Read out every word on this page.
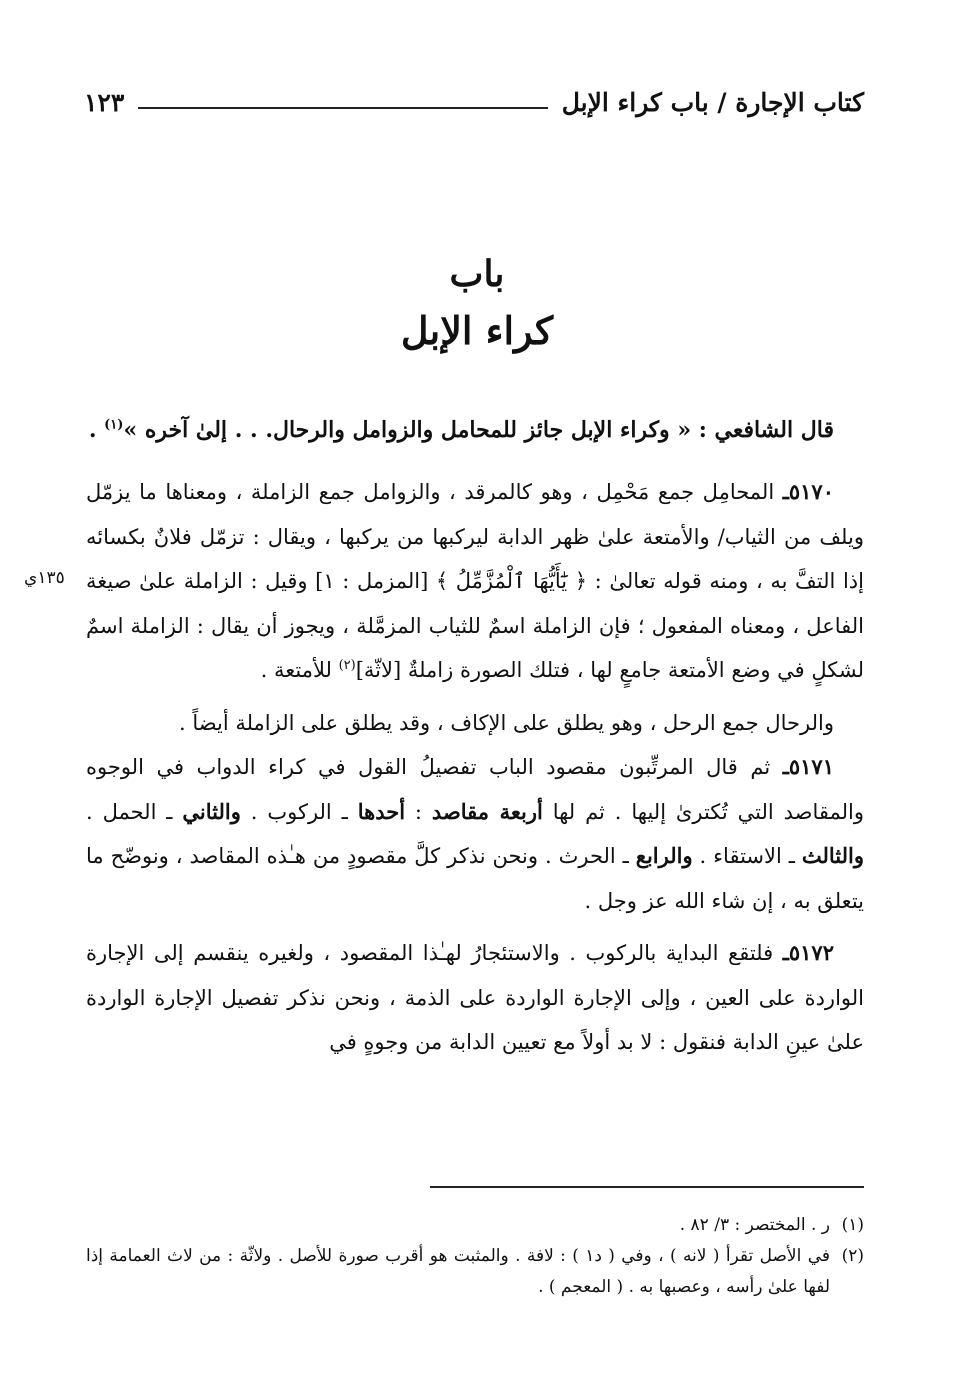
كتاب الإجارة / باب كراء الإبل
١٢٣
باب
كراء الإبل
١٣٥ي

قال الشافعي : « وكراء الإبل جائز للمحامل والزوامل والرحال. . . إلىٰ آخره »$^{(١)}$ .

٥١٧٠ـ المحامِل جمع مَحْمِل ، وهو كالمرقد ، والزوامل جمع الزاملة ، ومعناها ما يزمّل ويلف من الثياب/ والأمتعة علىٰ ظهر الدابة ليركبها من يركبها ، ويقال : تزمّل فلانٌ بكسائه إذا التفَّ به ، ومنه قوله تعالىٰ : ﴿ يَٰٓأَيُّهَا ٱلْمُزَّمِّلُ ﴾ [المزمل : ١] وقيل : الزاملة علىٰ صيغة الفاعل ، ومعناه المفعول ؛ فإن الزاملة اسمٌ للثياب المزمَّلة ، ويجوز أن يقال : الزاملة اسمٌ لشكلٍ في وضع الأمتعة جامعٍ لها ، فتلك الصورة زاملةٌ [لاثّة]$^{(٢)}$ للأمتعة .

والرحال جمع الرحل ، وهو يطلق على الإكاف ، وقد يطلق على الزاملة أيضاً .

٥١٧١ـ ثم قال المرتِّبون مقصود الباب تفصيلُ القول في كراء الدواب في الوجوه والمقاصد التي تُكترىٰ إليها . ثم لها أربعة مقاصد : أحدها ـ الركوب . والثاني ـ الحمل . والثالث ـ الاستقاء . والرابع ـ الحرث . ونحن نذكر كلَّ مقصودٍ من هـٰذه المقاصد ، ونوضّح ما يتعلق به ، إن شاء الله عز وجل .

٥١٧٢ـ فلتقع البداية بالركوب . والاستئجارُ لهـٰذا المقصود ، ولغيره ينقسم إلى الإجارة الواردة على العين ، وإلى الإجارة الواردة على الذمة ، ونحن نذكر تفصيل الإجارة الواردة علىٰ عينِ الدابة فنقول : لا بد أولاً مع تعيين الدابة من وجوهٍ في

(١)ر . المختصر : ٣/ ٨٢ .

(٢)في الأصل تقرأ ( لانه ) ، وفي ( د١ ) : لافة . والمثبت هو أقرب صورة للأصل . ولاثّة : من لاث العمامة إذا لفها علىٰ رأسه ، وعصبها به . ( المعجم ) .
